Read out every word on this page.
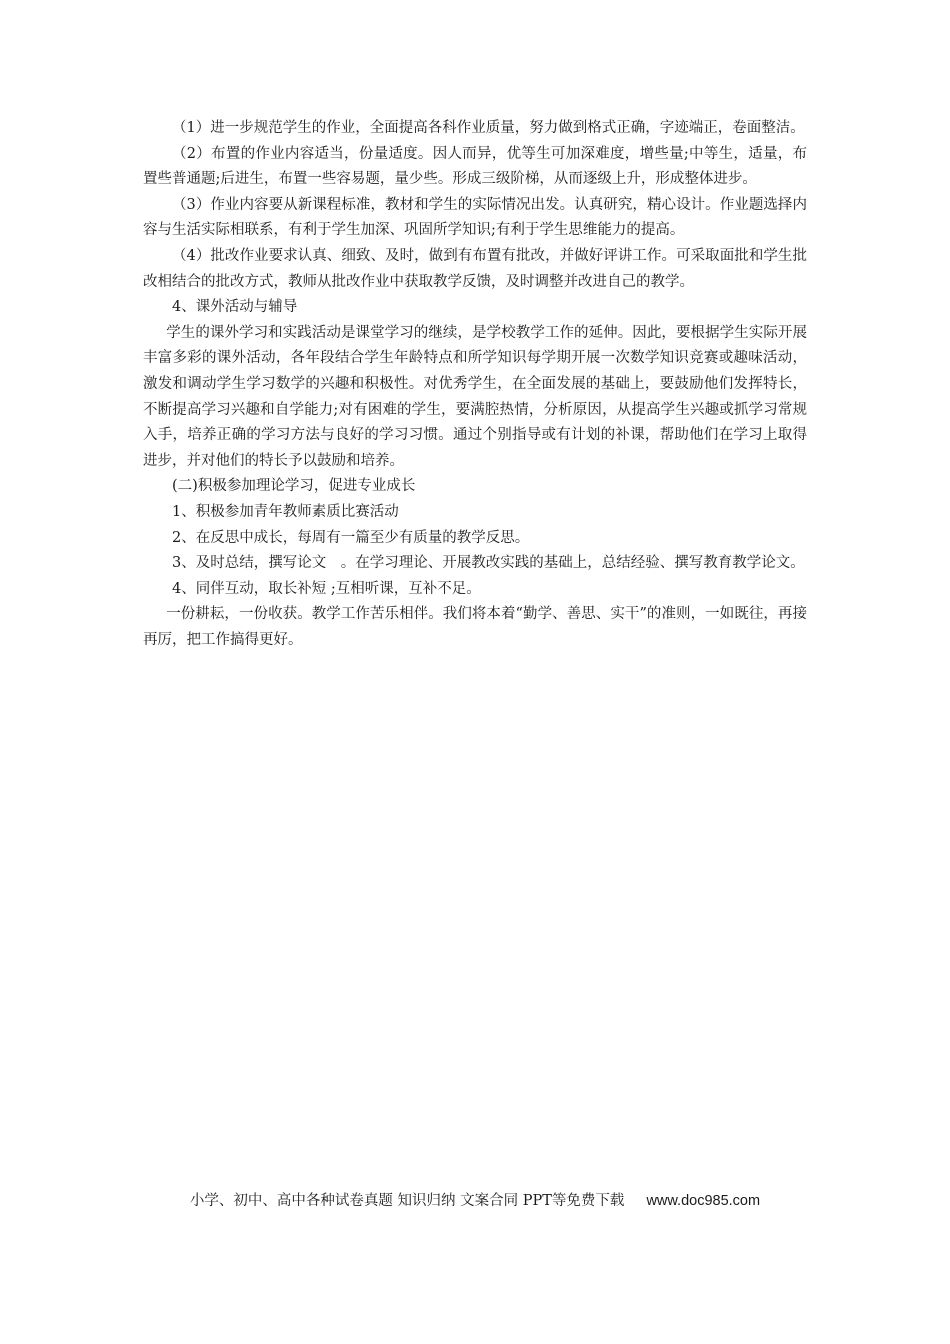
（1）进一步规范学生的作业，全面提高各科作业质量，努力做到格式正确，字迹端正，卷面整洁。

（2）布置的作业内容适当，份量适度。因人而异，优等生可加深难度，增些量;中等生，适量，布置些普通题;后进生，布置一些容易题，量少些。形成三级阶梯，从而逐级上升，形成整体进步。

（3）作业内容要从新课程标准，教材和学生的实际情况出发。认真研究，精心设计。作业题选择内容与生活实际相联系，有利于学生加深、巩固所学知识;有利于学生思维能力的提高。

（4）批改作业要求认真、细致、及时，做到有布置有批改，并做好评讲工作。可采取面批和学生批改相结合的批改方式，教师从批改作业中获取教学反馈，及时调整并改进自己的教学。

4、课外活动与辅导

学生的课外学习和实践活动是课堂学习的继续，是学校教学工作的延伸。因此，要根据学生实际开展丰富多彩的课外活动，各年段结合学生年龄特点和所学知识每学期开展一次数学知识竞赛或趣味活动，激发和调动学生学习数学的兴趣和积极性。对优秀学生，在全面发展的基础上，要鼓励他们发挥特长，不断提高学习兴趣和自学能力;对有困难的学生，要满腔热情，分析原因，从提高学生兴趣或抓学习常规入手，培养正确的学习方法与良好的学习习惯。通过个别指导或有计划的补课，帮助他们在学习上取得进步，并对他们的特长予以鼓励和培养。

(二)积极参加理论学习，促进专业成长

1、积极参加青年教师素质比赛活动

2、在反思中成长，每周有一篇至少有质量的教学反思。

3、及时总结，撰写论文　。在学习理论、开展教改实践的基础上，总结经验、撰写教育教学论文。

4、同伴互动，取长补短 ;互相听课，互补不足。

一份耕耘，一份收获。教学工作苦乐相伴。我们将本着“勤学、善思、实干”的准则，一如既往，再接再厉，把工作搞得更好。

小学、初中、高中各种试卷真题 知识归纳 文案合同 PPT等免费下载 www.doc985.com
